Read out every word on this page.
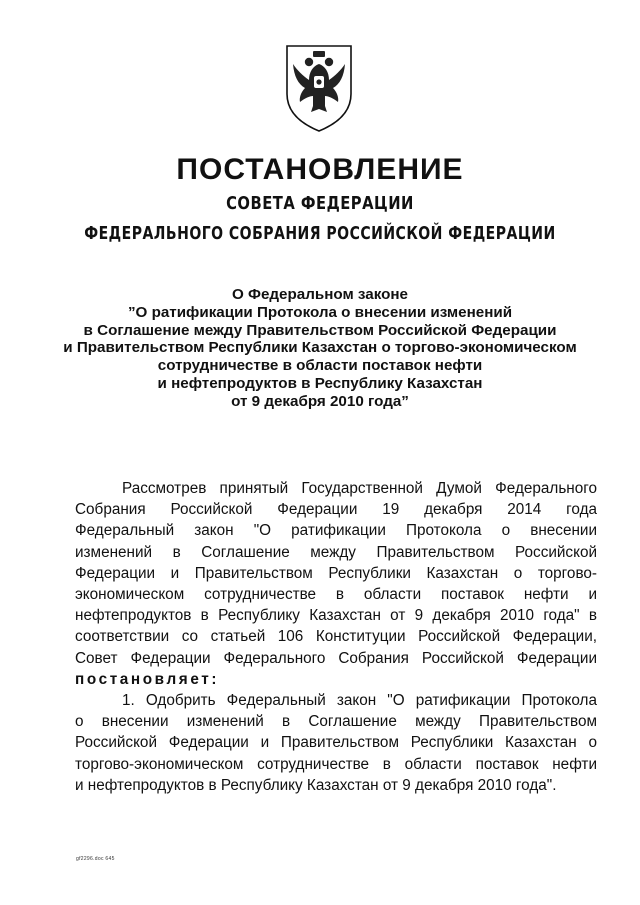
ПОСТАНОВЛЕНИЕ
СОВЕТА ФЕДЕРАЦИИ
ФЕДЕРАЛЬНОГО СОБРАНИЯ РОССИЙСКОЙ ФЕДЕРАЦИИ
О Федеральном законе
”О ратификации Протокола о внесении изменений
в Соглашение между Правительством Российской Федерации
и Правительством Республики Казахстан о торгово-экономическом
сотрудничестве в области поставок нефти
и нефтепродуктов в Республику Казахстан
от 9 декабря 2010 года”
Рассмотрев принятый Государственной Думой Федерального
Собрания Российской Федерации 19 декабря 2014 года
Федеральный закон "О ратификации Протокола о внесении
изменений в Соглашение между Правительством Российской
Федерации и Правительством Республики Казахстан о торгово-
экономическом сотрудничестве в области поставок нефти и
нефтепродуктов в Республику Казахстан от 9 декабря 2010 года" в
соответствии со статьей 106 Конституции Российской Федерации,
Совет Федерации Федерального Собрания Российской Федерации
постановляет:
1. Одобрить Федеральный закон "О ратификации Протокола
о внесении изменений в Соглашение между Правительством
Российской Федерации и Правительством Республики Казахстан о
торгово-экономическом сотрудничестве в области поставок нефти
и нефтепродуктов в Республику Казахстан от 9 декабря 2010 года".
gf2296.doc 645
